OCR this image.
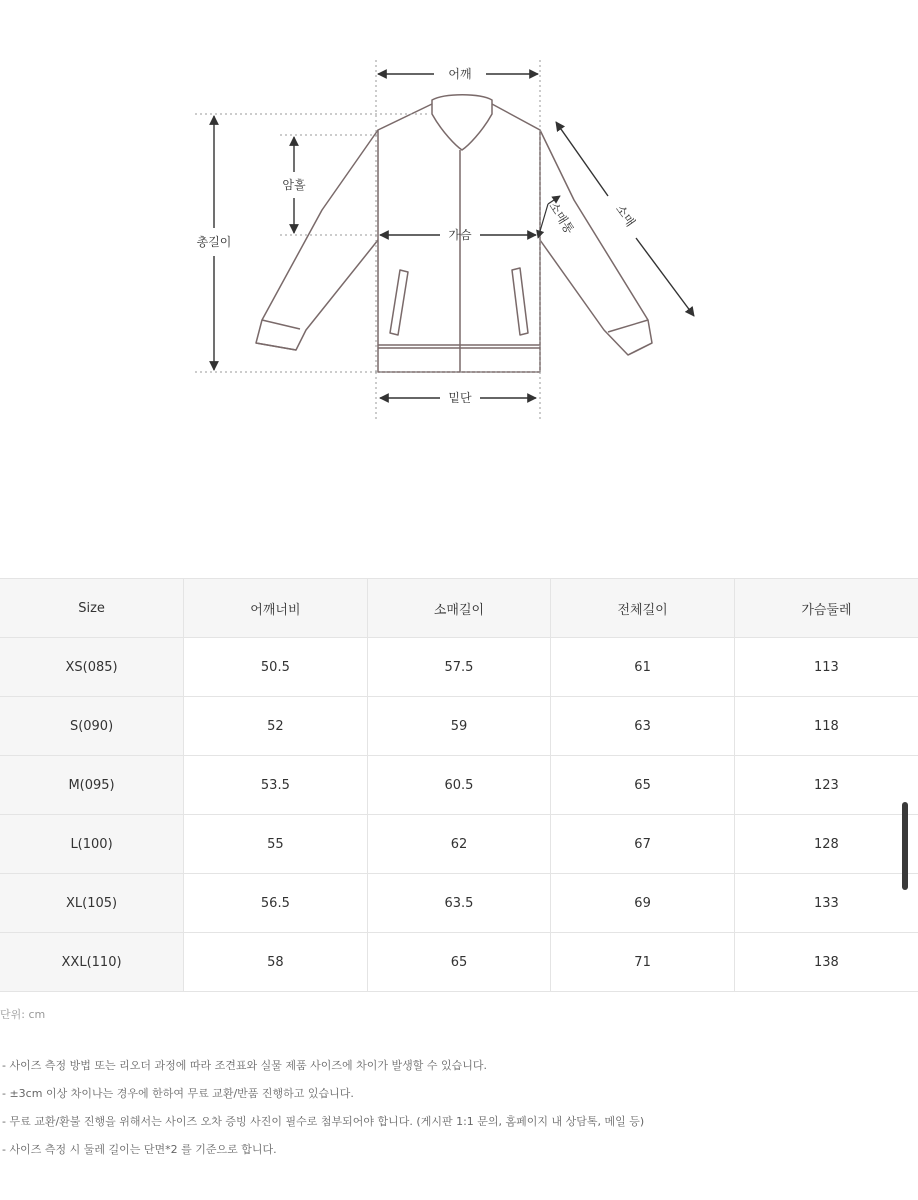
어깨
암홀
총길이	가슴	소매통	소매
밑단
Size	어깨너비	소매길이	전체길이	가슴둘레
XS(085)	50.5	57.5	61	113
S(090)	52	59	63	118
M(095)	53.5	60.5	65	123
L(100)	55	62	67	128
XL(105)	56.5	63.5	69	133
XXL(110)	58	65	71	138
단위: cm
- 사이즈 측정 방법 또는 리오더 과정에 따라 조견표와 실물 제품 사이즈에 차이가 발생할 수 있습니다.
- ±3cm 이상 차이나는 경우에 한하여 무료 교환/반품 진행하고 있습니다.
- 무료 교환/환불 진행을 위해서는 사이즈 오차 증빙 사진이 필수로 첨부되어야 합니다. (게시판 1:1 문의, 홈페이지 내 상담톡, 메일 등)
- 사이즈 측정 시 둘레 길이는 단면*2 를 기준으로 합니다.
